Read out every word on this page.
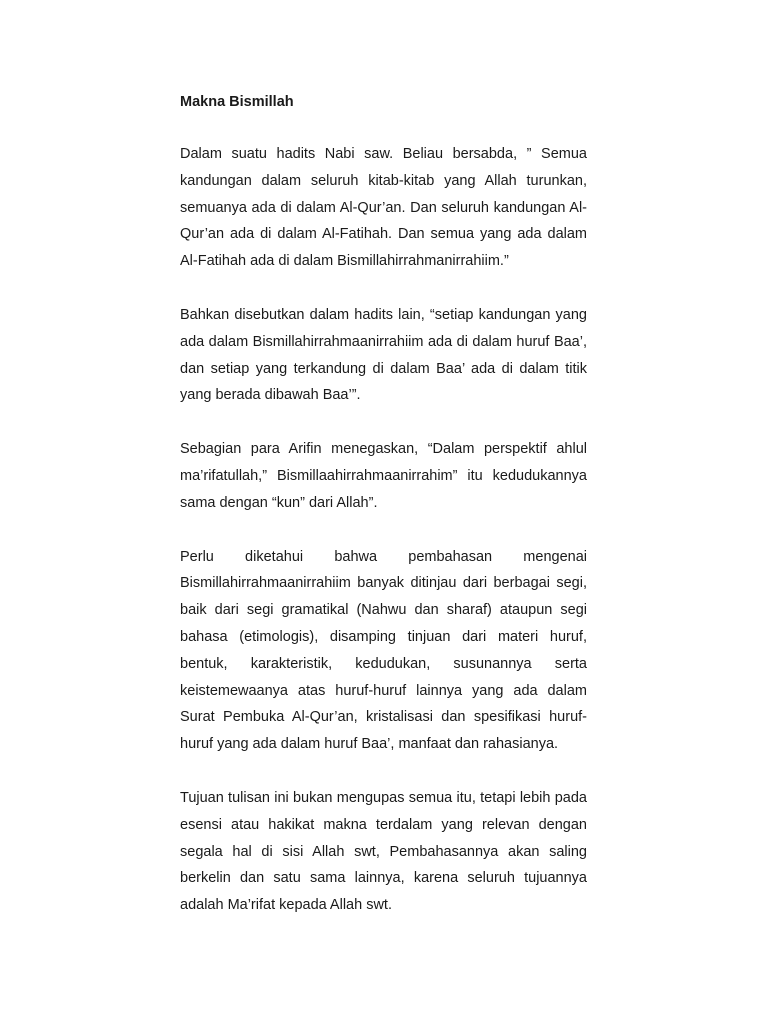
Makna Bismillah

Dalam suatu hadits Nabi saw. Beliau bersabda, ” Semua kandungan dalam seluruh kitab-kitab yang Allah turunkan, semuanya ada di dalam Al-Qur’an. Dan seluruh kandungan Al-Qur’an ada di dalam Al-Fatihah. Dan semua yang ada dalam Al-Fatihah ada di dalam Bismillahirrahmanirrahiim.”

Bahkan disebutkan dalam hadits lain, “setiap kandungan yang ada dalam Bismillahirrahmaanirrahiim ada di dalam huruf Baa’, dan setiap yang terkandung di dalam Baa’ ada di dalam titik yang berada dibawah Baa’”.

Sebagian para Arifin menegaskan, “Dalam perspektif ahlul ma’rifatullah,” Bismillaahirrahmaanirrahim” itu kedudukannya sama dengan “kun” dari Allah”.

Perlu diketahui bahwa pembahasan mengenai Bismillahirrahmaanirrahiim banyak ditinjau dari berbagai segi, baik dari segi gramatikal (Nahwu dan sharaf) ataupun segi bahasa (etimologis), disamping tinjuan dari materi huruf, bentuk, karakteristik, kedudukan, susunannya serta keistemewaanya atas huruf-huruf lainnya yang ada dalam Surat Pembuka Al-Qur’an, kristalisasi dan spesifikasi huruf-huruf yang ada dalam huruf Baa’, manfaat dan rahasianya.

Tujuan tulisan ini bukan mengupas semua itu, tetapi lebih pada esensi atau hakikat makna terdalam yang relevan dengan segala hal di sisi Allah swt, Pembahasannya akan saling berkelin dan satu sama lainnya, karena seluruh tujuannya adalah Ma’rifat kepada Allah swt.
